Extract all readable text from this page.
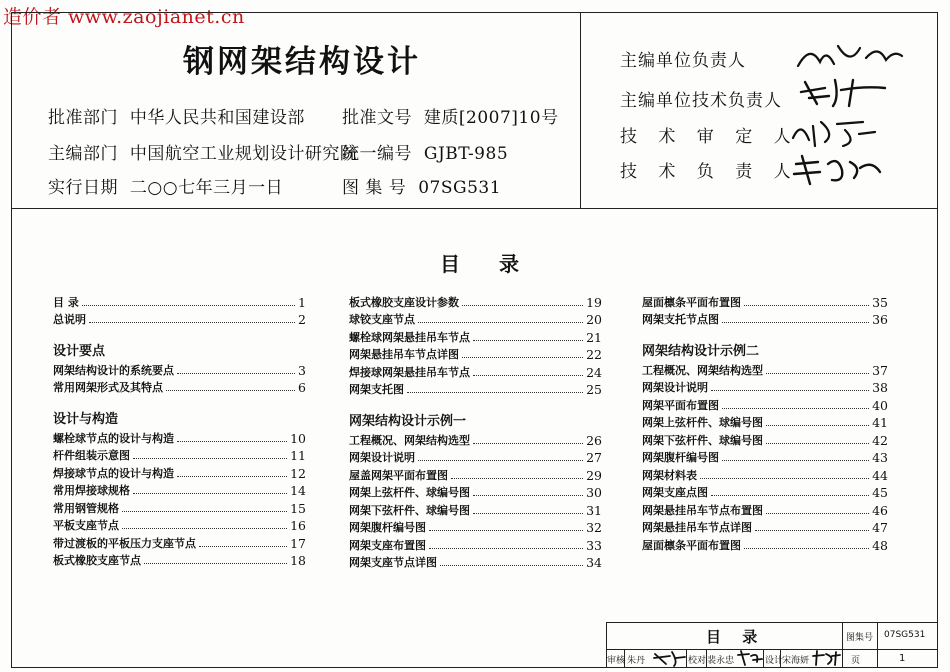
造价者 www.zaojianet.cn
钢网架结构设计
批准部门 中华人民共和国建设部 批准文号 建质[2007]10号
主编部门 中国航空工业规划设计研究院
统一编号 GJBT-985
实行日期 二○○七年三月一日	图 集 号 07SG531
主编单位负责人
主编单位技术负责人
技 术 审 定 人
技 术 负 责 人
目 录
目 录	1
总说明	2
设计要点
网架结构设计的系统要点	3
常用网架形式及其特点	6
设计与构造
螺栓球节点的设计与构造	10
杆件组装示意图	11
焊接球节点的设计与构造	12
常用焊接球规格	14
常用钢管规格	15
平板支座节点	16
带过渡板的平板压力支座节点	17
板式橡胶支座节点	18
板式橡胶支座设计参数	19
球铰支座节点	20
螺栓球网架悬挂吊车节点	21
网架悬挂吊车节点详图	22
焊接球网架悬挂吊车节点	24
网架支托图	25
网架结构设计示例一
工程概况、网架结构选型	26
网架设计说明	27
屋盖网架平面布置图	29
网架上弦杆件、球编号图	30
网架下弦杆件、球编号图	31
网架腹杆编号图	32
网架支座布置图	33
网架支座节点详图	34
屋面檩条平面布置图	35
网架支托节点图	36
网架结构设计示例二
工程概况、网架结构选型	37
网架设计说明	38
网架平面布置图	40
网架上弦杆件、球编号图	41
网架下弦杆件、球编号图	42
网架腹杆编号图	43
网架材料表	44
网架支座点图	45
网架悬挂吊车节点布置图	46
网架悬挂吊车节点详图	47
屋面檩条平面布置图	48
目 录	图集号 07SG531
审核 朱丹	校对 裴永忠	设计
宋海妍	页	1
